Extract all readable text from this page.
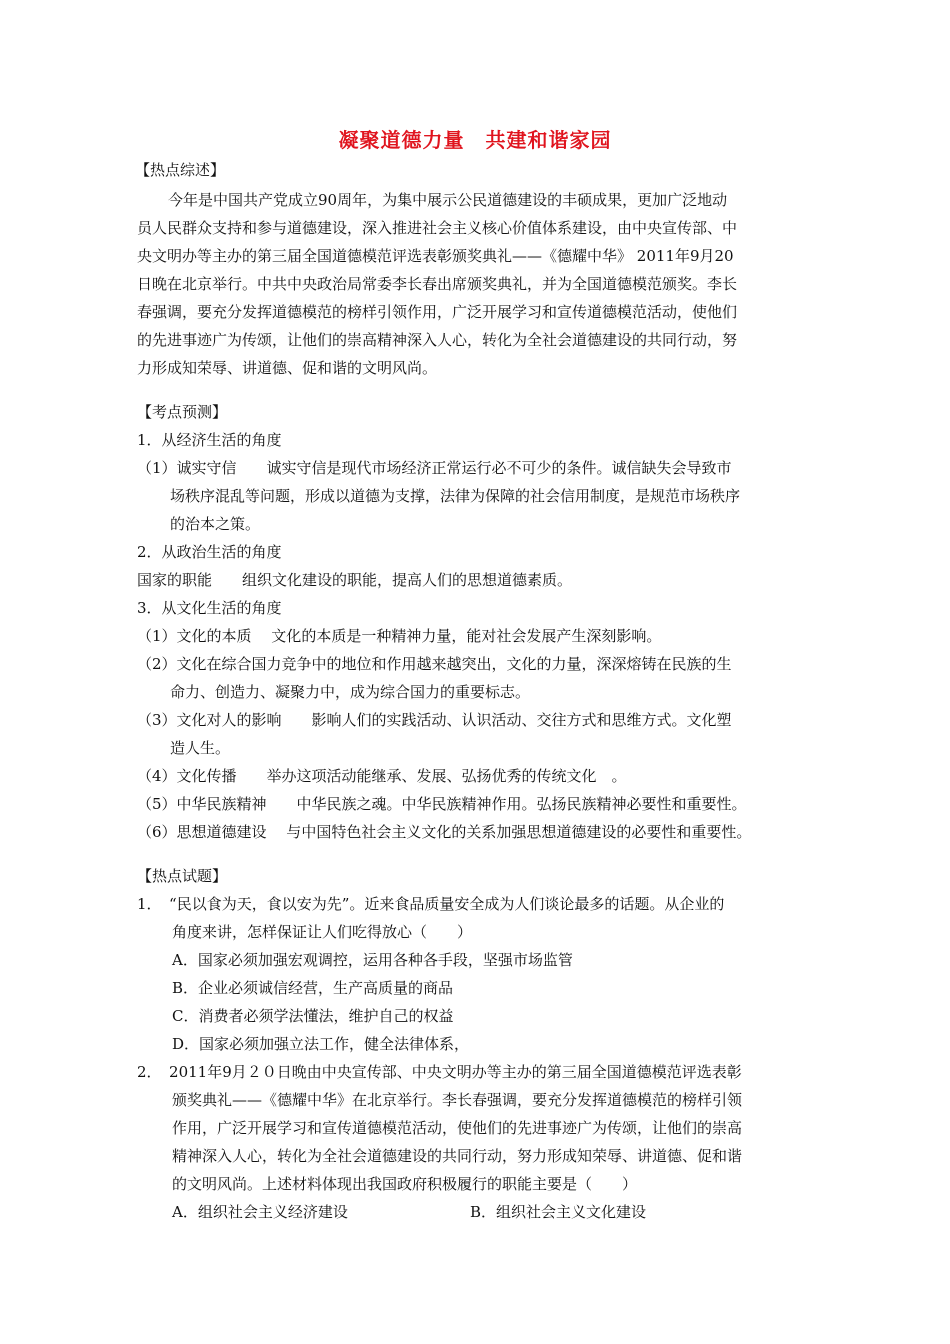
凝聚道德力量　共建和谐家园
【热点综述】
今年是中国共产党成立90周年，为集中展示公民道德建设的丰硕成果，更加广泛地动
员人民群众支持和参与道德建设，深入推进社会主义核心价值体系建设，由中央宣传部、中
央文明办等主办的第三届全国道德模范评选表彰颁奖典礼——《德耀中华》 2011年9月20
日晚在北京举行。中共中央政治局常委李长春出席颁奖典礼，并为全国道德模范颁奖。李长
春强调，要充分发挥道德模范的榜样引领作用，广泛开展学习和宣传道德模范活动，使他们
的先进事迹广为传颂，让他们的崇高精神深入人心，转化为全社会道德建设的共同行动，努
力形成知荣辱、讲道德、促和谐的文明风尚。
【考点预测】
1．从经济生活的角度
（1）诚实守信　　诚实守信是现代市场经济正常运行必不可少的条件。诚信缺失会导致市
场秩序混乱等问题，形成以道德为支撑，法律为保障的社会信用制度，是规范市场秩序
的治本之策。
2．从政治生活的角度
国家的职能　　组织文化建设的职能，提高人们的思想道德素质。
3．从文化生活的角度
（1）文化的本质　 文化的本质是一种精神力量，能对社会发展产生深刻影响。
（2）文化在综合国力竞争中的地位和作用越来越突出，文化的力量，深深熔铸在民族的生
命力、创造力、凝聚力中，成为综合国力的重要标志。
（3）文化对人的影响　　影响人们的实践活动、认识活动、交往方式和思维方式。文化塑
造人生。
（4）文化传播　　举办这项活动能继承、发展、弘扬优秀的传统文化　。
（5）中华民族精神　　中华民族之魂。中华民族精神作用。弘扬民族精神必要性和重要性。
（6）思想道德建设　 与中国特色社会主义文化的关系加强思想道德建设的必要性和重要性。
【热点试题】
1．　“民以食为天，食以安为先”。近来食品质量安全成为人们谈论最多的话题。从企业的
角度来讲，怎样保证让人们吃得放心（　　）
A．国家必须加强宏观调控，运用各种各手段，坚强市场监管
B．企业必须诚信经营，生产高质量的商品
C．消费者必须学法懂法，维护自己的权益
D．国家必须加强立法工作，健全法律体系，
2．　2011年9月２０日晚由中央宣传部、中央文明办等主办的第三届全国道德模范评选表彰
颁奖典礼——《德耀中华》在北京举行。李长春强调，要充分发挥道德模范的榜样引领
作用，广泛开展学习和宣传道德模范活动，使他们的先进事迹广为传颂，让他们的崇高
精神深入人心，转化为全社会道德建设的共同行动，努力形成知荣辱、讲道德、促和谐
的文明风尚。上述材料体现出我国政府积极履行的职能主要是（　　）
A．组织社会主义经济建设	B．组织社会主义文化建设
